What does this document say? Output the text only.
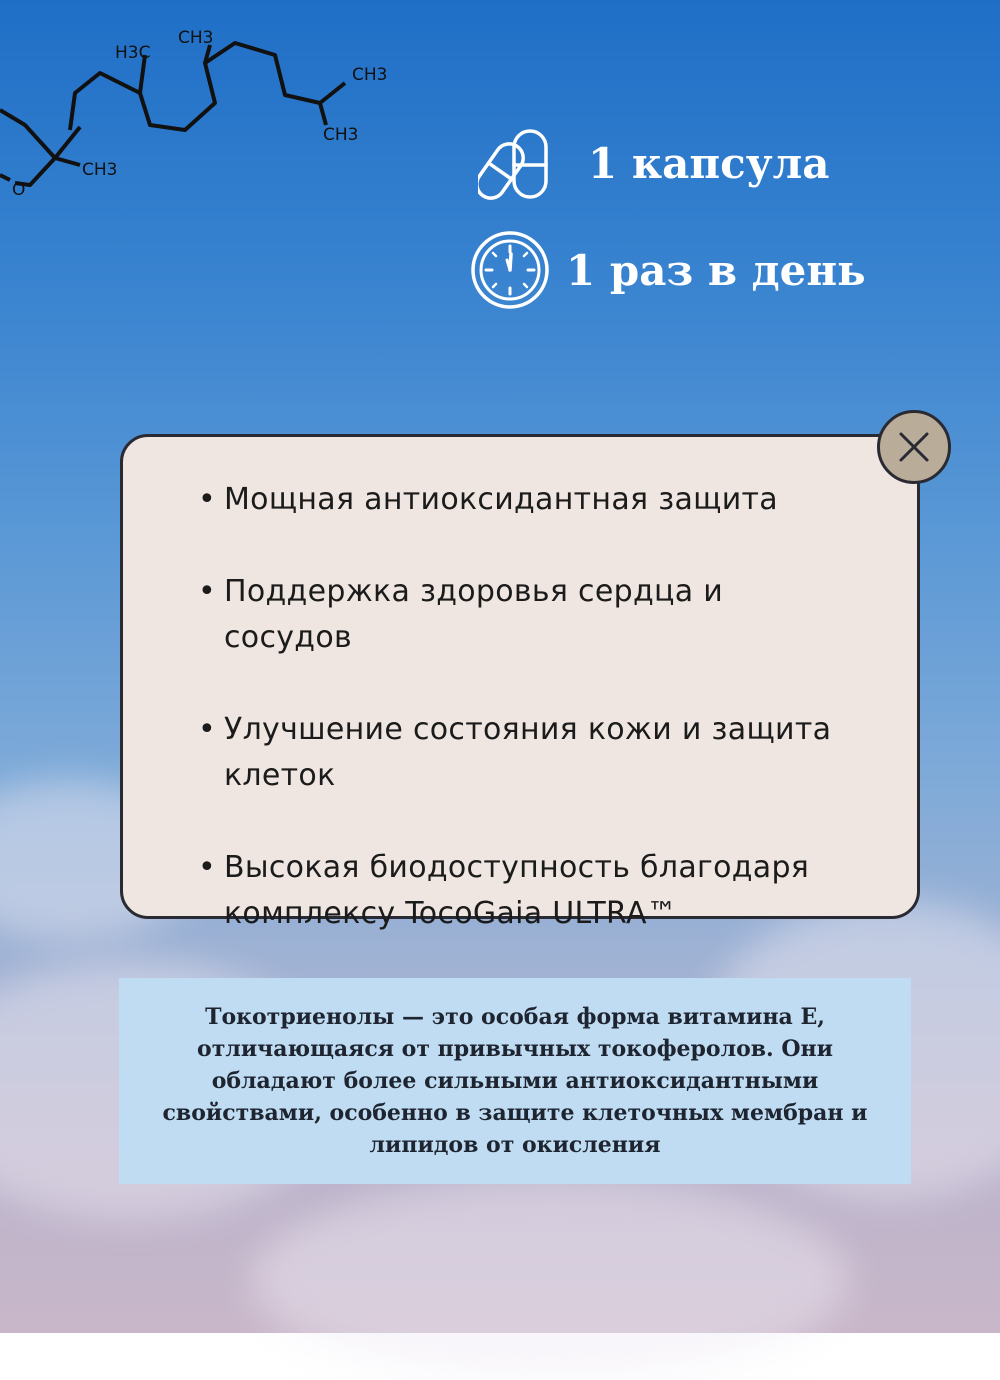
H3C
CH3
CH3
CH3
CH3
O
1 капсула
1 раз в день
• Мощная антиоксидантная защита
• Поддержка здоровья сердца и сосудов
• Улучшение состояния кожи и защита клеток
• Высокая биодоступность благодаря комплексу TocoGaia ULTRA™

Токотриенолы — это особая форма витамина Е, отличающаяся от привычных токоферолов. Они обладают более сильными антиоксидантными свойствами, особенно в защите клеточных мембран и липидов от окисления
